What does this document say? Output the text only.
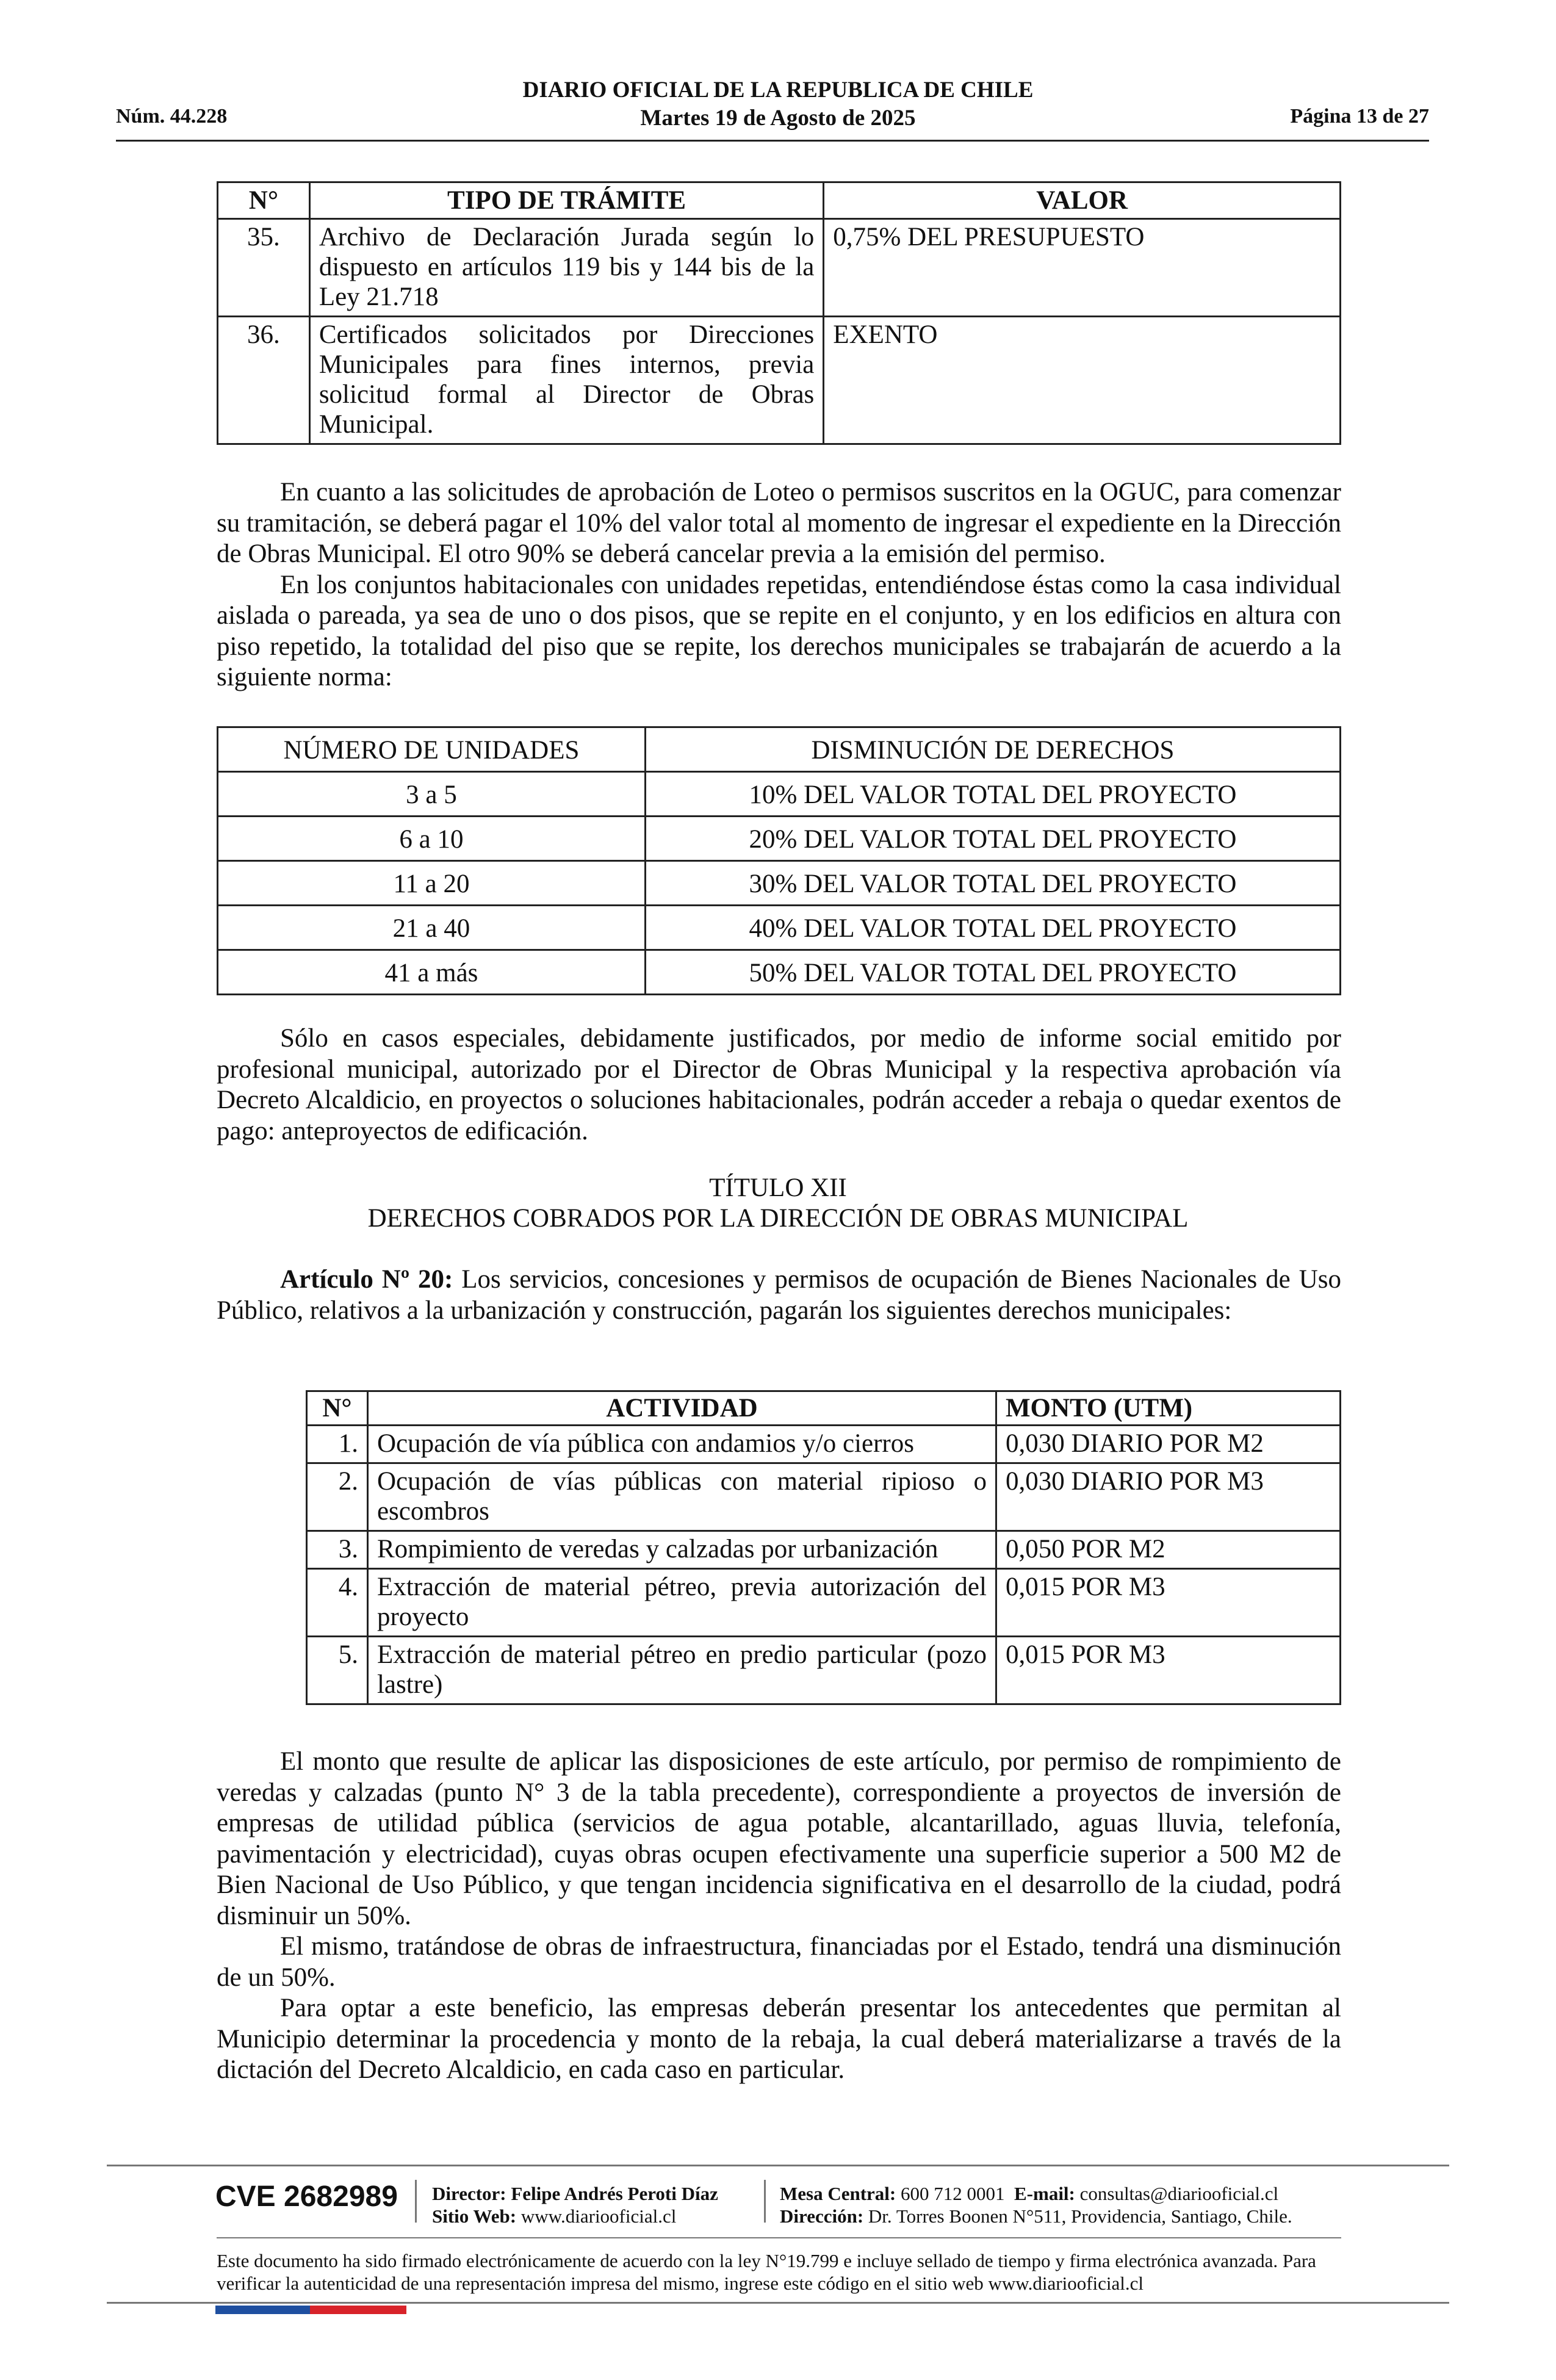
Núm. 44.228
DIARIO OFICIAL DE LA REPUBLICA DE CHILE
Martes 19 de Agosto de 2025	Página 13 de 27
N°	TIPO DE TRÁMITE	VALOR
35.	Archivo de Declaración Jurada según lo dispuesto en artículos 119 bis y 144 bis de la Ley 21.718	0,75% DEL PRESUPUESTO
36.	Certificados solicitados por Direcciones Municipales para fines internos, previa solicitud formal al Director de Obras Municipal.	EXENTO

En cuanto a las solicitudes de aprobación de Loteo o permisos suscritos en la OGUC, para comenzar su tramitación, se deberá pagar el 10% del valor total al momento de ingresar el expediente en la Dirección de Obras Municipal. El otro 90% se deberá cancelar previa a la emisión del permiso.

En los conjuntos habitacionales con unidades repetidas, entendiéndose éstas como la casa individual aislada o pareada, ya sea de uno o dos pisos, que se repite en el conjunto, y en los edificios en altura con piso repetido, la totalidad del piso que se repite, los derechos municipales se trabajarán de acuerdo a la siguiente norma:

NÚMERO DE UNIDADES	DISMINUCIÓN DE DERECHOS
3 a 5	10% DEL VALOR TOTAL DEL PROYECTO
6 a 10	20% DEL VALOR TOTAL DEL PROYECTO
11 a 20	30% DEL VALOR TOTAL DEL PROYECTO
21 a 40	40% DEL VALOR TOTAL DEL PROYECTO
41 a más	50% DEL VALOR TOTAL DEL PROYECTO

Sólo en casos especiales, debidamente justificados, por medio de informe social emitido por profesional municipal, autorizado por el Director de Obras Municipal y la respectiva aprobación vía Decreto Alcaldicio, en proyectos o soluciones habitacionales, podrán acceder a rebaja o quedar exentos de pago: anteproyectos de edificación.

TÍTULO XII
DERECHOS COBRADOS POR LA DIRECCIÓN DE OBRAS MUNICIPAL

Artículo Nº 20: Los servicios, concesiones y permisos de ocupación de Bienes Nacionales de Uso Público, relativos a la urbanización y construcción, pagarán los siguientes derechos municipales:

N°	ACTIVIDAD	MONTO (UTM)
1.	Ocupación de vía pública con andamios y/o cierros	0,030 DIARIO POR M2
2.	Ocupación de vías públicas con material ripioso o escombros	0,030 DIARIO POR M3
3.	Rompimiento de veredas y calzadas por urbanización	0,050 POR M2
4.	Extracción de material pétreo, previa autorización del proyecto	0,015 POR M3
5.	Extracción de material pétreo en predio particular (pozo lastre)	0,015 POR M3

El monto que resulte de aplicar las disposiciones de este artículo, por permiso de rompimiento de veredas y calzadas (punto N° 3 de la tabla precedente), correspondiente a proyectos de inversión de empresas de utilidad pública (servicios de agua potable, alcantarillado, aguas lluvia, telefonía, pavimentación y electricidad), cuyas obras ocupen efectivamente una superficie superior a 500 M2 de Bien Nacional de Uso Público, y que tengan incidencia significativa en el desarrollo de la ciudad, podrá disminuir un 50%.

El mismo, tratándose de obras de infraestructura, financiadas por el Estado, tendrá una disminución de un 50%.

Para optar a este beneficio, las empresas deberán presentar los antecedentes que permitan al Municipio determinar la procedencia y monto de la rebaja, la cual deberá materializarse a través de la dictación del Decreto Alcaldicio, en cada caso en particular.

CVE 2682989 Director: Felipe Andrés Peroti Díaz
Sitio Web: www.diariooficial.cl
Mesa Central: 600 712 0001 E-mail: consultas@diariooficial.cl
Dirección: Dr. Torres Boonen N°511, Providencia, Santiago, Chile.
Este documento ha sido firmado electrónicamente de acuerdo con la ley N°19.799 e incluye sellado de tiempo y firma electrónica avanzada. Para verificar la autenticidad de una representación impresa del mismo, ingrese este código en el sitio web www.diariooficial.cl
